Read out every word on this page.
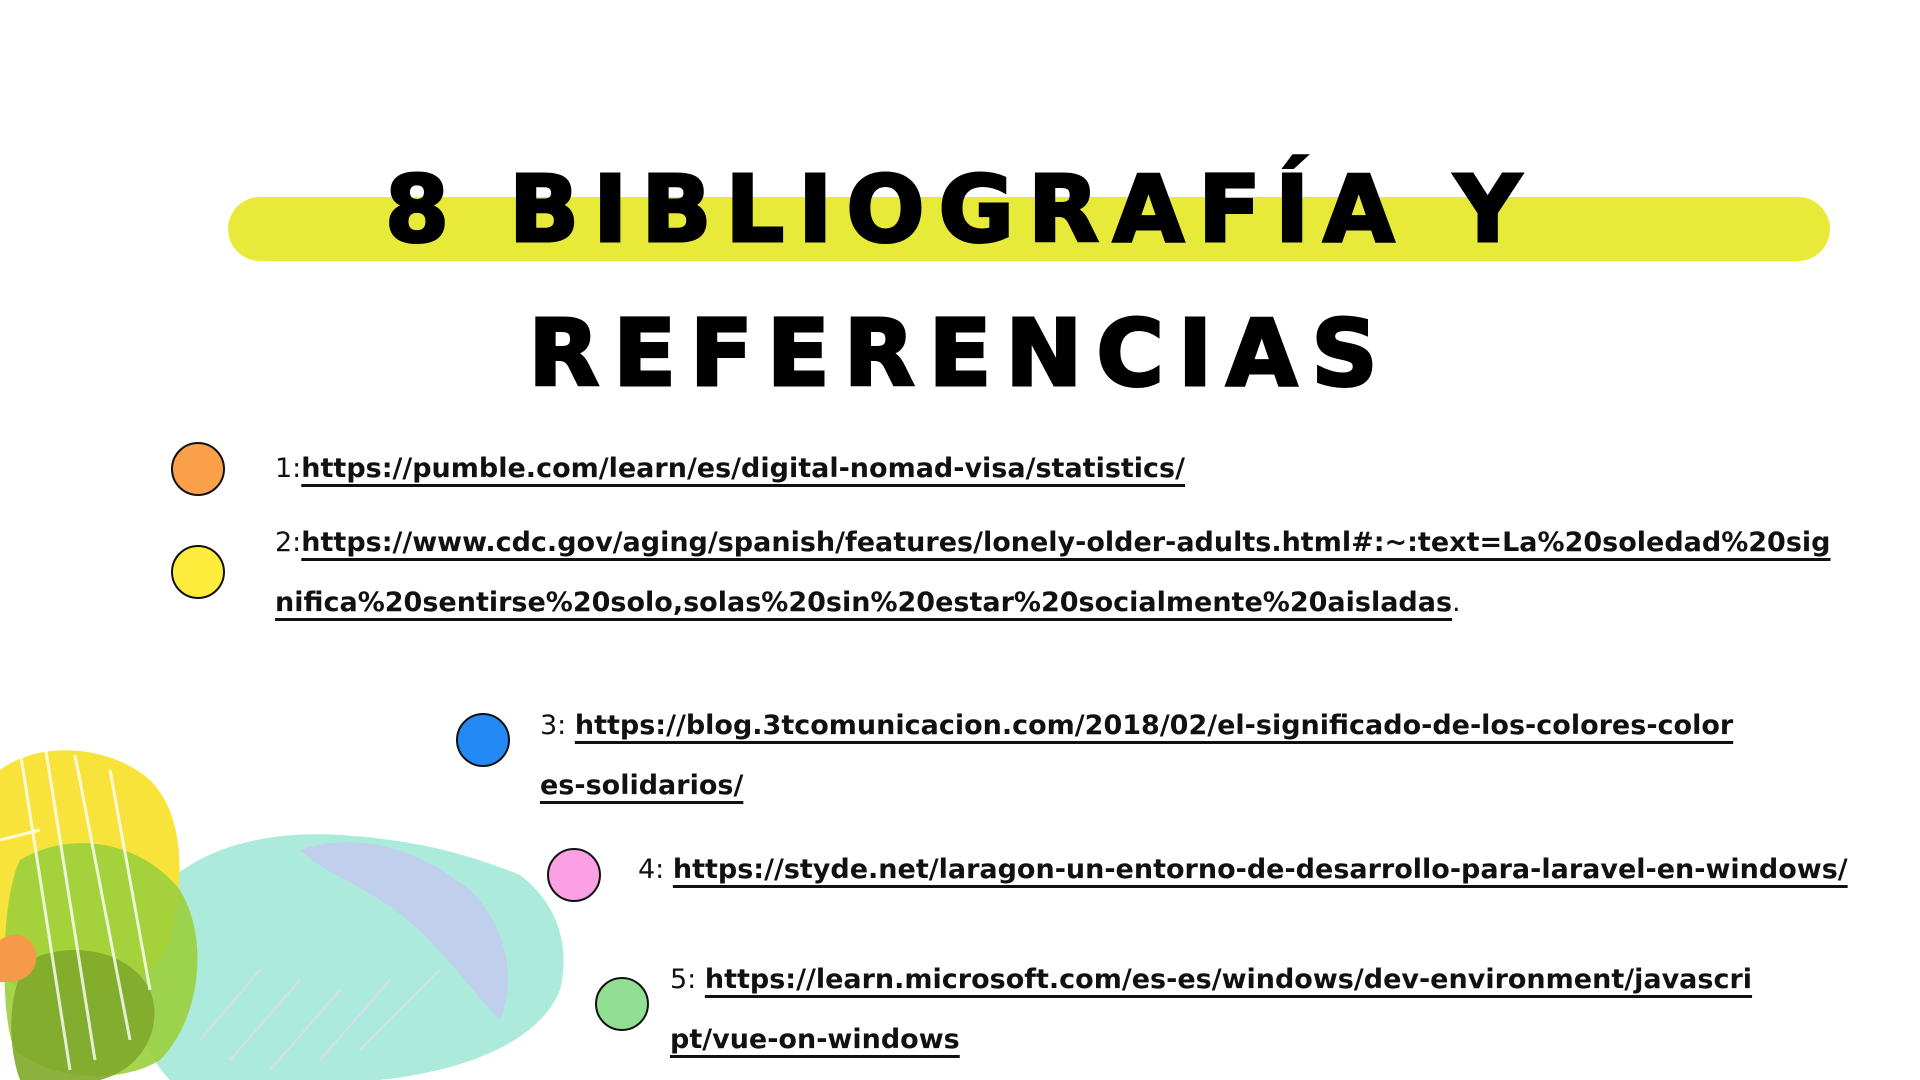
8 BIBLIOGRAFÍA Y
REFERENCIAS

1:https://pumble.com/learn/es/digital-nomad-visa/statistics/

2:https://www.cdc.gov/aging/spanish/features/lonely-older-adults.html#:~:text=La%20soledad%20significa%20sentirse%20solo,solas%20sin%20estar%20socialmente%20aisladas.

3: https://blog.3tcomunicacion.com/2018/02/el-significado-de-los-colores-colores-solidarios/

4: https://styde.net/laragon-un-entorno-de-desarrollo-para-laravel-en-windows/

5: https://learn.microsoft.com/es-es/windows/dev-environment/javascript/vue-on-windows
